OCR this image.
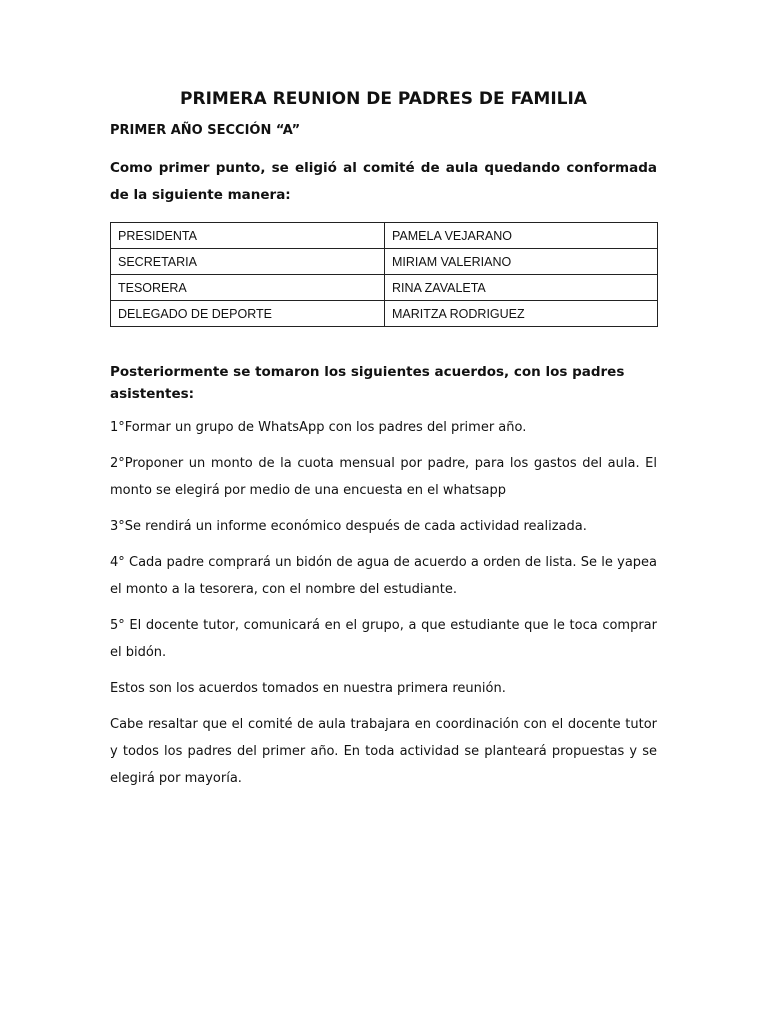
PRIMERA REUNION DE PADRES DE FAMILIA

PRIMER AÑO SECCIÓN “A”

Como primer punto, se eligió al comité de aula quedando conformada de la siguiente manera:

PRESIDENTA	PAMELA VEJARANO
SECRETARIA	MIRIAM VALERIANO
TESORERA	RINA ZAVALETA
DELEGADO DE DEPORTE	MARITZA RODRIGUEZ

Posteriormente se tomaron los siguientes acuerdos, con los padres asistentes:

1°Formar un grupo de WhatsApp con los padres del primer año.

2°Proponer un monto de la cuota mensual por padre, para los gastos del aula. El monto se elegirá por medio de una encuesta en el whatsapp

3°Se rendirá un informe económico después de cada actividad realizada.

4° Cada padre comprará un bidón de agua de acuerdo a orden de lista. Se le yapea el monto a la tesorera, con el nombre del estudiante.

5° El docente tutor, comunicará en el grupo, a que estudiante que le toca comprar el bidón.

Estos son los acuerdos tomados en nuestra primera reunión.

Cabe resaltar que el comité de aula trabajara en coordinación con el docente tutor y todos los padres del primer año. En toda actividad se planteará propuestas y se elegirá por mayoría.
